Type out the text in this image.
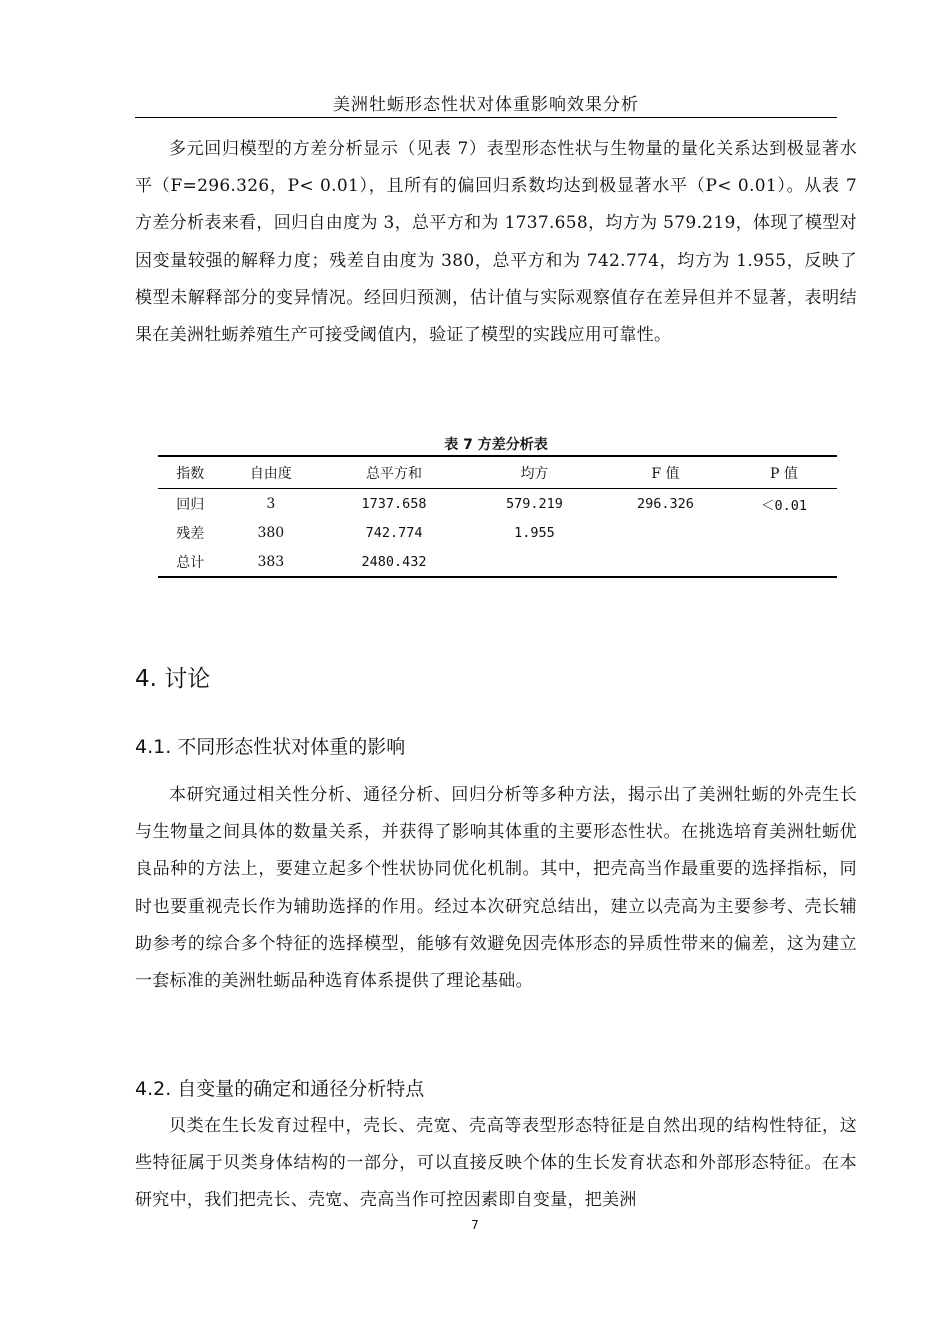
美洲牡蛎形态性状对体重影响效果分析

多元回归模型的方差分析显示（见表 7）表型形态性状与生物量的量化关系达到极显著水平（F=296.326，P< 0.01），且所有的偏回归系数均达到极显著水平（P< 0.01）。从表 7 方差分析表来看，回归自由度为 3，总平方和为 1737.658，均方为 579.219，体现了模型对因变量较强的解释力度；残差自由度为 380，总平方和为 742.774，均方为 1.955，反映了模型未解释部分的变异情况。经回归预测，估计值与实际观察值存在差异但并不显著，表明结果在美洲牡蛎养殖生产可接受阈值内，验证了模型的实践应用可靠性。

表 7 方差分析表
指数	自由度	总平方和	均方	F 值	P 值
回归	3	1737.658	579.219	296.326	＜0.01
残差	380	742.774	1.955		
总计	383	2480.432			
4. 讨论
4.1. 不同形态性状对体重的影响

本研究通过相关性分析、通径分析、回归分析等多种方法，揭示出了美洲牡蛎的外壳生长与生物量之间具体的数量关系，并获得了影响其体重的主要形态性状。在挑选培育美洲牡蛎优良品种的方法上，要建立起多个性状协同优化机制。其中，把壳高当作最重要的选择指标，同时也要重视壳长作为辅助选择的作用。经过本次研究总结出，建立以壳高为主要参考、壳长辅助参考的综合多个特征的选择模型，能够有效避免因壳体形态的异质性带来的偏差，这为建立一套标准的美洲牡蛎品种选育体系提供了理论基础。

4.2. 自变量的确定和通径分析特点

贝类在生长发育过程中，壳长、壳宽、壳高等表型形态特征是自然出现的结构性特征，这些特征属于贝类身体结构的一部分，可以直接反映个体的生长发育状态和外部形态特征。在本研究中，我们把壳长、壳宽、壳高当作可控因素即自变量，把美洲

7
